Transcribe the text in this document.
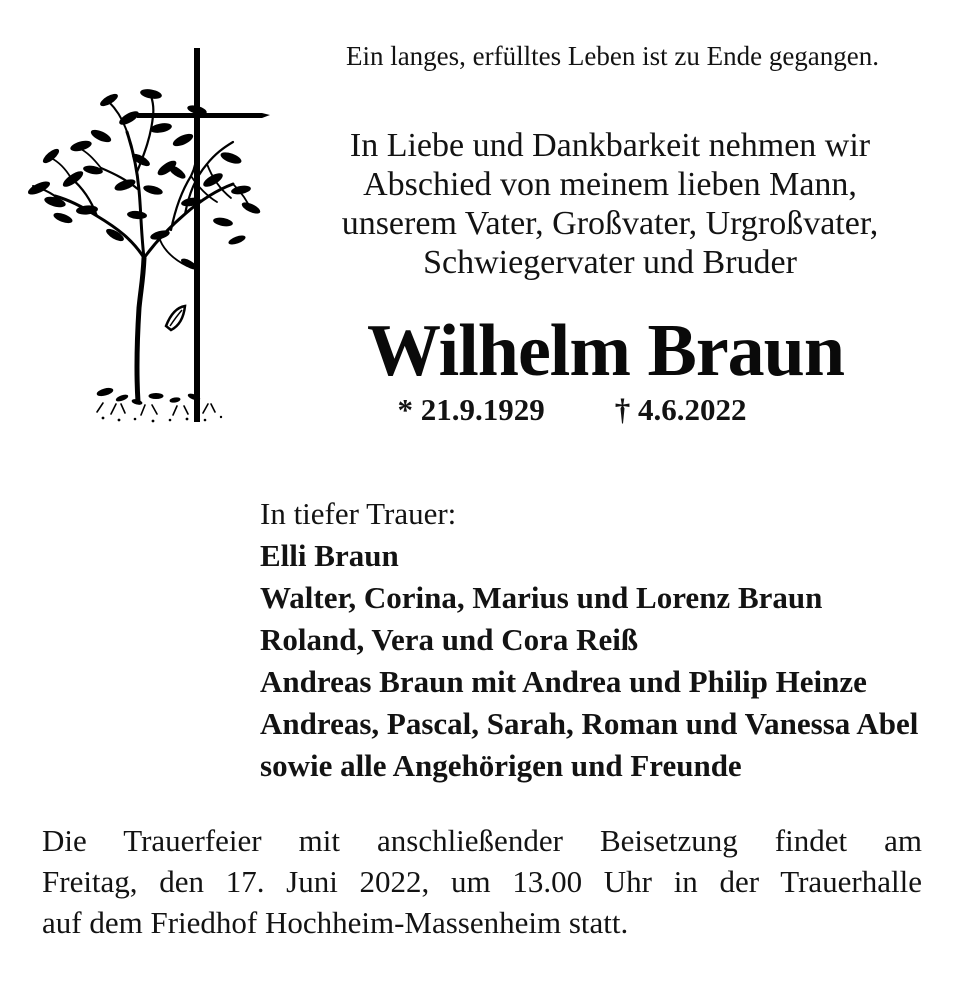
Ein langes, erfülltes Leben ist zu Ende gegangen.
In Liebe und Dankbarkeit nehmen wir
Abschied von meinem lieben Mann,
unserem Vater, Großvater, Urgroßvater,
Schwiegervater und Bruder
Wilhelm Braun
* 21.9.1929 † 4.6.2022
In tiefer Trauer:
Elli Braun
Walter, Corina, Marius und Lorenz Braun
Roland, Vera und Cora Reiß
Andreas Braun mit Andrea und Philip Heinze
Andreas, Pascal, Sarah, Roman und Vanessa Abel
sowie alle Angehörigen und Freunde
Die Trauerfeier mit anschließender Beisetzung findet am
Freitag, den 17. Juni 2022, um 13.00 Uhr in der Trauerhalle
auf dem Friedhof Hochheim-Massenheim statt.
